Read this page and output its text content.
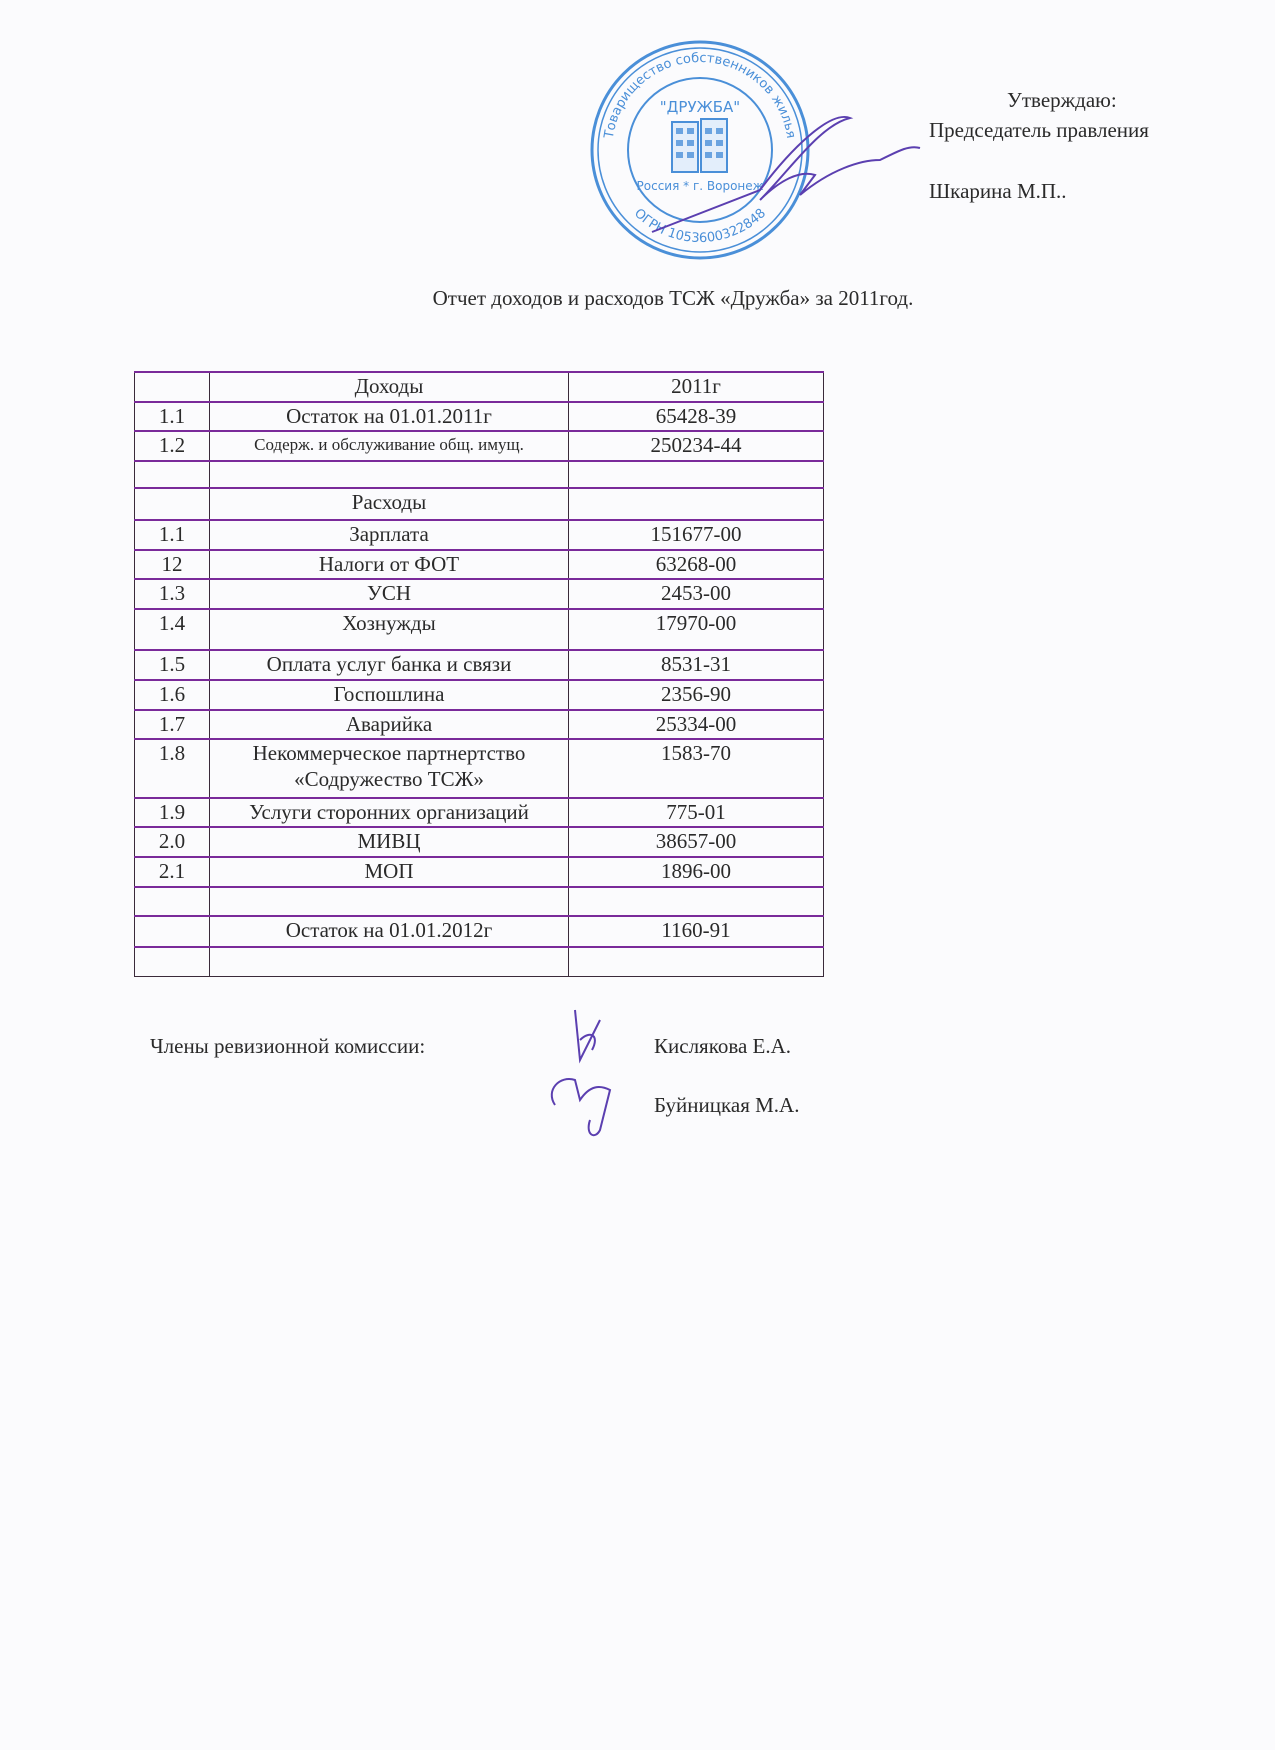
Товарищество собственников жилья
ОГРН 1053600322848
"ДРУЖБА"
Россия * г. Воронеж
Утверждаю:
Председатель правления
Шкарина М.П..
Отчет доходов и расходов ТСЖ «Дружба» за 2011год.
	Доходы	2011г
1.1	Остаток на 01.01.2011г	65428-39
1.2	Содерж. и обслуживание общ. имущ.	250234-44

	Расходы	
1.1	Зарплата	151677-00
12	Налоги от ФОТ	63268-00
1.3	УСН	2453-00
1.4	Хознужды	17970-00
1.5	Оплата услуг банка и связи	8531-31
1.6	Госпошлина	2356-90
1.7	Аварийка	25334-00
1.8	Некоммерческое партнертство «Содружество ТСЖ»	1583-70
1.9	Услуги сторонних организаций	775-01
2.0	МИВЦ	38657-00
2.1	МОП	1896-00

	Остаток на 01.01.2012г	1160-91

Члены ревизионной комиссии:	Кислякова Е.А.
Буйницкая М.А.
